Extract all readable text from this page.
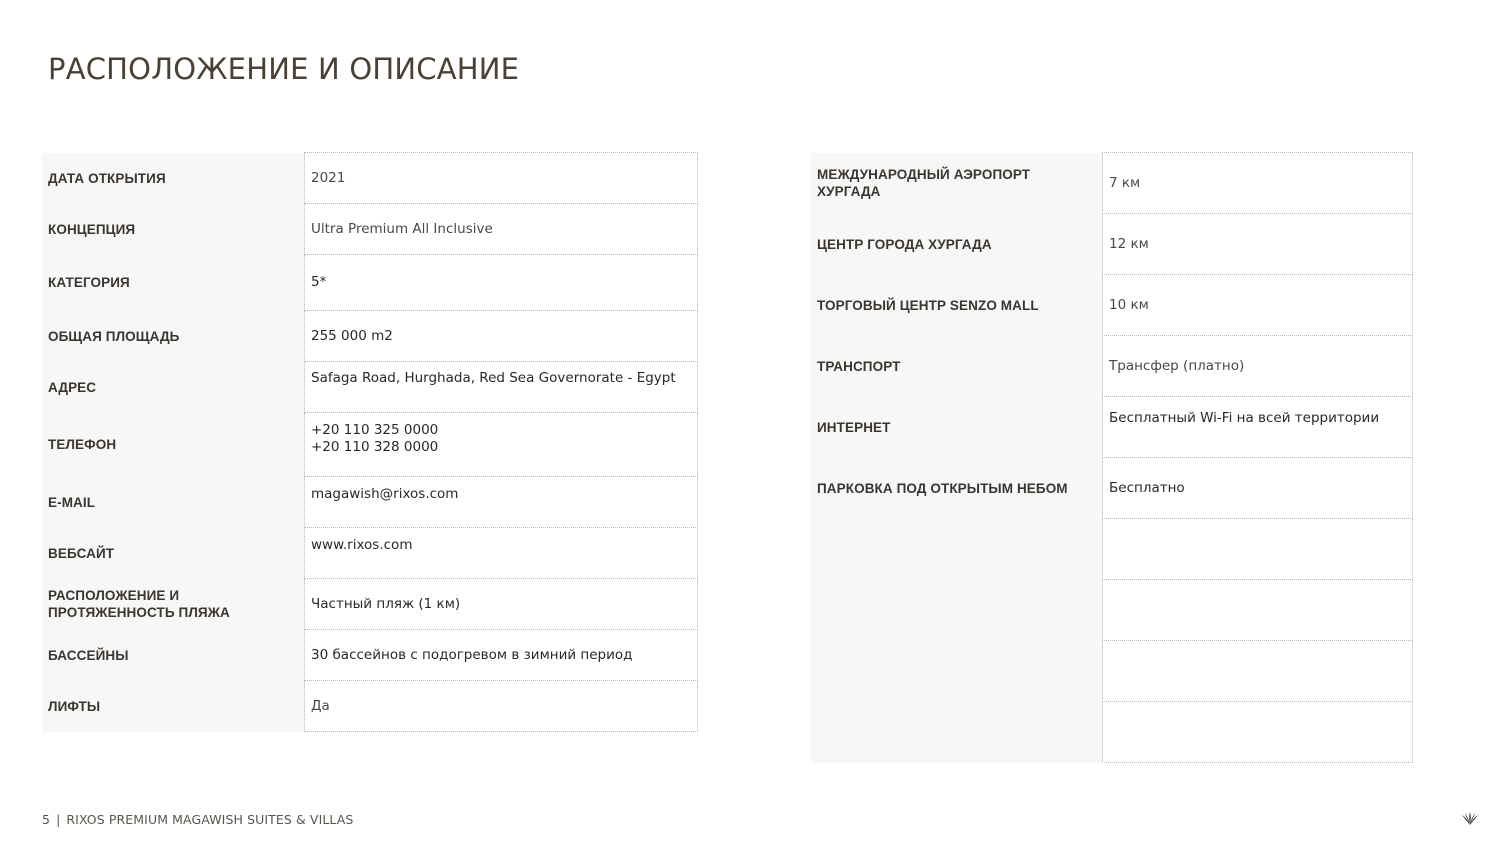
РАСПОЛОЖЕНИЕ И ОПИСАНИЕ
ДАТА ОТКРЫТИЯ	2021
КОНЦЕПЦИЯ	Ultra Premium All Inclusive
КАТЕГОРИЯ	5*
ОБЩАЯ ПЛОЩАДЬ	255 000 m2
АДРЕС	Safaga Road, Hurghada, Red Sea Governorate - Egypt
ТЕЛЕФОН	+20 110 325 0000
+20 110 328 0000
E-MAIL	magawish@rixos.com
ВЕБСАЙТ	www.rixos.com
РАСПОЛОЖЕНИЕ И ПРОТЯЖЕННОСТЬ ПЛЯЖА	Частный пляж (1 км)
БАССЕЙНЫ	30 бассейнов с подогревом в зимний период
ЛИФТЫ	Да
МЕЖДУНАРОДНЫЙ АЭРОПОРТ ХУРГАДА	7 км
ЦЕНТР ГОРОДА ХУРГАДА	12 км
ТОРГОВЫЙ ЦЕНТР SENZO MALL	10 км
ТРАНСПОРТ	Трансфер (платно)
ИНТЕРНЕТ	Бесплатный Wi-Fi на всей территории
ПАРКОВКА ПОД ОТКРЫТЫМ НЕБОМ	Бесплатно

5 | RIXOS PREMIUM MAGAWISH SUITES & VILLAS
